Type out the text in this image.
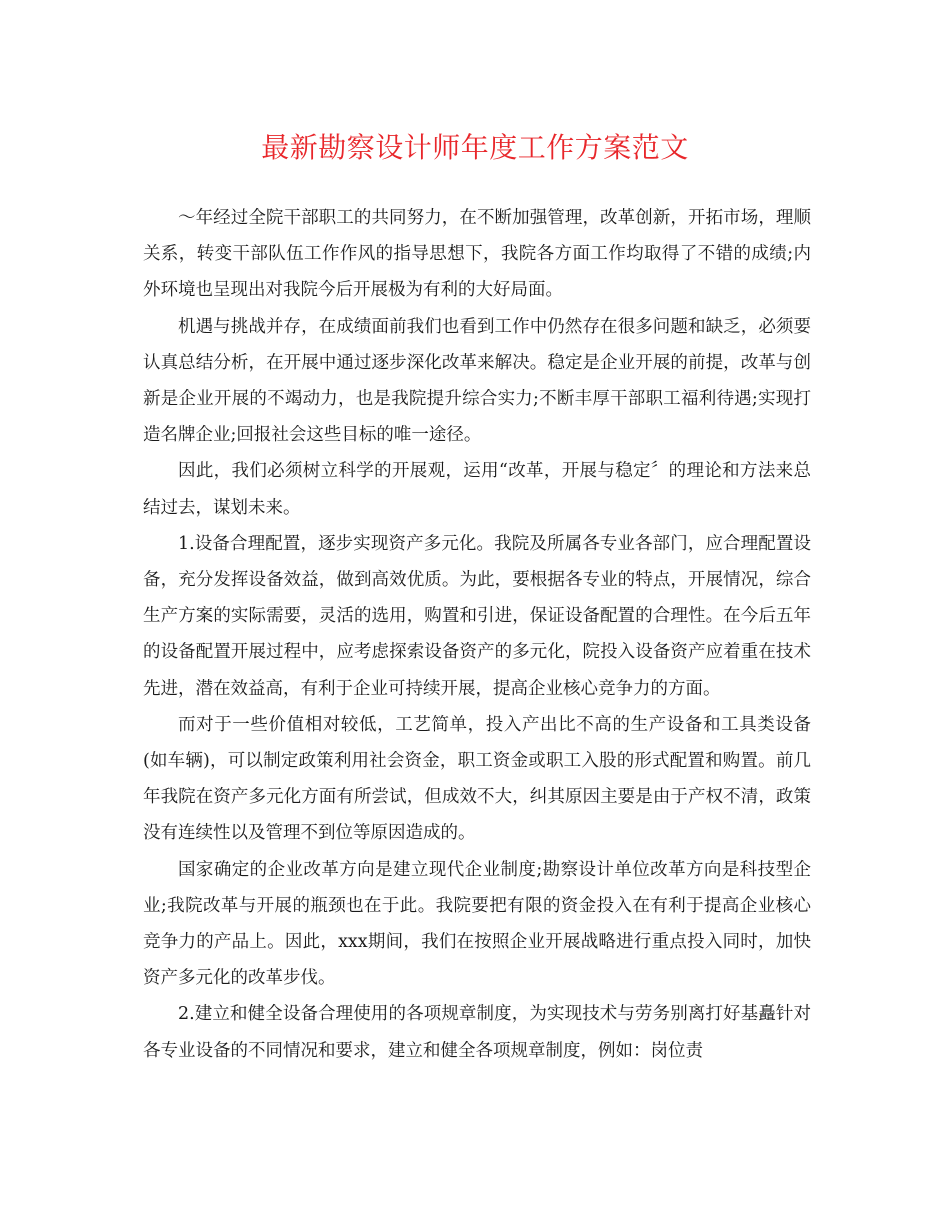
最新勘察设计师年度工作方案范文

～年经过全院干部职工的共同努力，在不断加强管理，改革创新，开拓市场，理顺关系，转变干部队伍工作作风的指导思想下，我院各方面工作均取得了不错的成绩;内外环境也呈现出对我院今后开展极为有利的大好局面。

机遇与挑战并存，在成绩面前我们也看到工作中仍然存在很多问题和缺乏，必须要认真总结分析，在开展中通过逐步深化改革来解决。稳定是企业开展的前提，改革与创新是企业开展的不竭动力，也是我院提升综合实力;不断丰厚干部职工福利待遇;实现打造名牌企业;回报社会这些目标的唯一途径。

因此，我们必须树立科学的开展观，运用“改革，开展与稳定〞的理论和方法来总结过去，谋划未来。

1.设备合理配置，逐步实现资产多元化。我院及所属各专业各部门，应合理配置设备，充分发挥设备效益，做到高效优质。为此，要根据各专业的特点，开展情况，综合生产方案的实际需要，灵活的选用，购置和引进，保证设备配置的合理性。在今后五年的设备配置开展过程中，应考虑探索设备资产的多元化，院投入设备资产应着重在技术先进，潜在效益高，有利于企业可持续开展，提高企业核心竞争力的方面。

而对于一些价值相对较低，工艺简单，投入产出比不高的生产设备和工具类设备(如车辆)，可以制定政策利用社会资金，职工资金或职工入股的形式配置和购置。前几年我院在资产多元化方面有所尝试，但成效不大，纠其原因主要是由于产权不清，政策没有连续性以及管理不到位等原因造成的。

国家确定的企业改革方向是建立现代企业制度;勘察设计单位改革方向是科技型企业;我院改革与开展的瓶颈也在于此。我院要把有限的资金投入在有利于提高企业核心竞争力的产品上。因此，xxx期间，我们在按照企业开展战略进行重点投入同时，加快资产多元化的改革步伐。

2.建立和健全设备合理使用的各项规章制度，为实现技术与劳务别离打好基矗针对各专业设备的不同情况和要求，建立和健全各项规章制度，例如：岗位责
